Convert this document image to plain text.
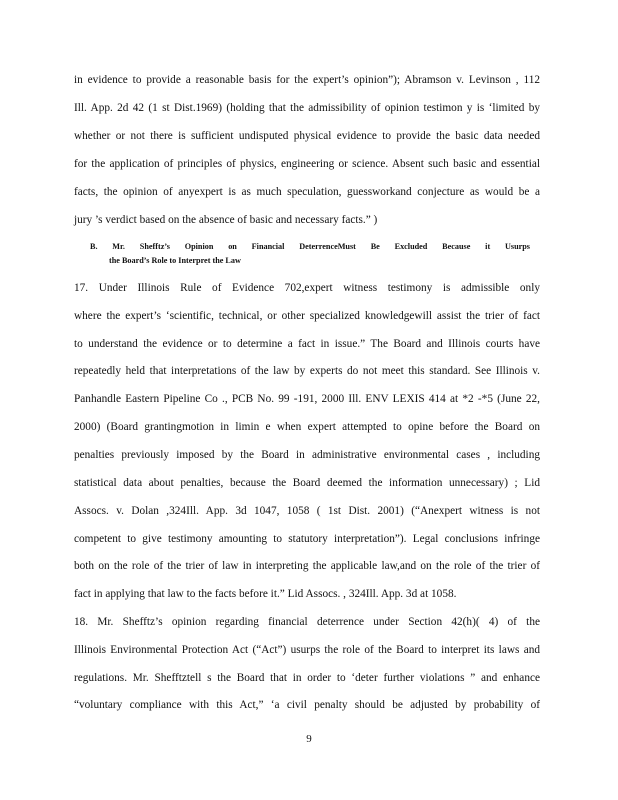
in evidence to provide a reasonable basis for the expert’s opinion”); Abramson v. Levinson , 112
Ill. App. 2d 42 (1 st Dist.1969) (holding that the admissibility of opinion testimon y is ‘limited by
whether or not there is sufficient undisputed physical evidence to provide the basic data needed
for the application of principles of physics, engineering or science. Absent such basic and essential
facts, the opinion of anyexpert is as much speculation, guessworkand conjecture as would be a
jury ’s verdict based on the absence of basic and necessary facts.” )
B. Mr. Shefftz’s Opinion on Financial DeterrenceMust Be Excluded Because it Usurps
the Board’s Role to Interpret the Law
17. Under Illinois Rule of Evidence 702,expert witness testimony is admissible only
where the expert’s ‘scientific, technical, or other specialized knowledgewill assist the trier of fact
to understand the evidence or to determine a fact in issue.” The Board and Illinois courts have
repeatedly held that interpretations of the law by experts do not meet this standard. See Illinois v.
Panhandle Eastern Pipeline Co ., PCB No. 99 -191, 2000 Ill. ENV LEXIS 414 at *2 -*5 (June 22,
2000) (Board grantingmotion in limin e when expert attempted to opine before the Board on
penalties previously imposed by the Board in administrative environmental cases , including
statistical data about penalties, because the Board deemed the information unnecessary) ; Lid
Assocs. v. Dolan ,324Ill. App. 3d 1047, 1058 ( 1st Dist. 2001) (“Anexpert witness is not
competent to give testimony amounting to statutory interpretation”). Legal conclusions infringe
both on the role of the trier of law in interpreting the applicable law,and on the role of the trier of
fact in applying that law to the facts before it.” Lid Assocs. , 324Ill. App. 3d at 1058.
18. Mr. Shefftz’s opinion regarding financial deterrence under Section 42(h)( 4) of the
Illinois Environmental Protection Act (“Act”) usurps the role of the Board to interpret its laws and
regulations. Mr. Shefftztell s the Board that in order to ‘deter further violations ” and enhance
“voluntary compliance with this Act,” ‘a civil penalty should be adjusted by probability of
9
